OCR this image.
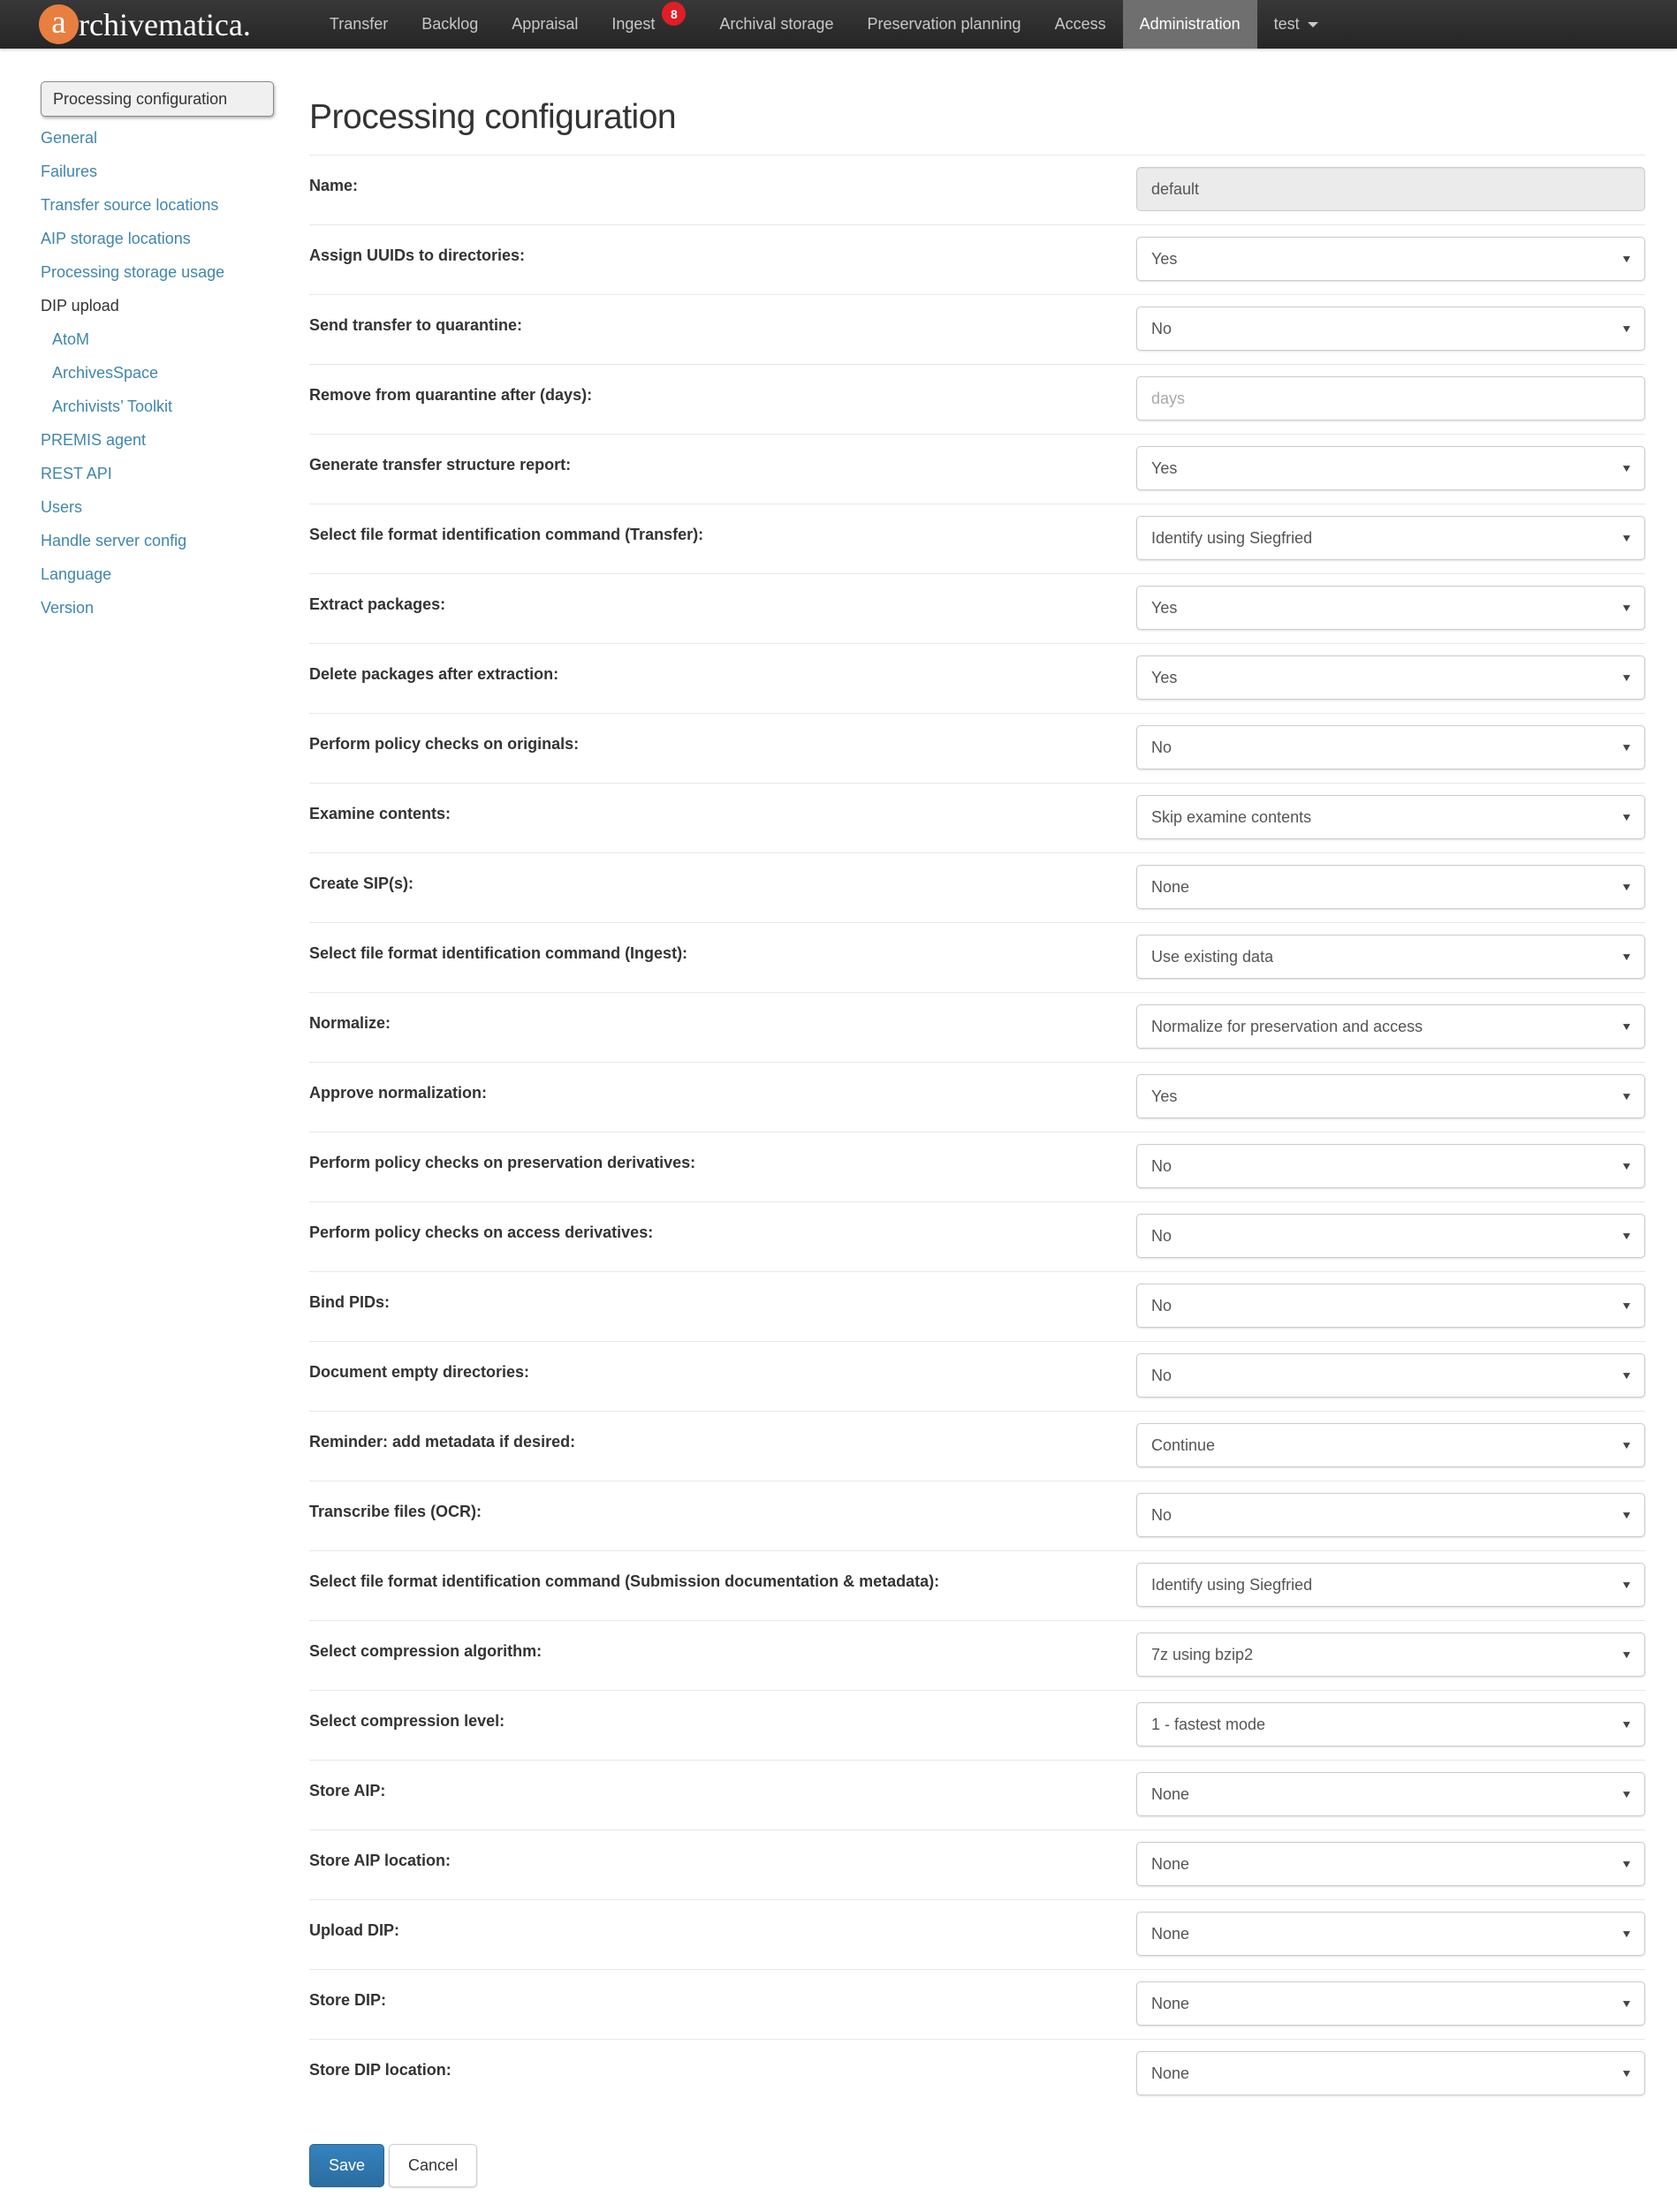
a rchivematica.	Transfer Backlog Appraisal Ingest
8
Archival storage Preservation planning Access Administration test
Processing configuration
General
Failures
Transfer source locations
AIP storage locations
Processing storage usage
DIP upload
AtoM
ArchivesSpace
Archivists’ Toolkit
PREMIS agent
REST API
Users
Handle server config
Language
Version
Processing configuration
Name:
default
Assign UUIDs to directories:
Yes	▼
Send transfer to quarantine:
No	▼
Remove from quarantine after (days):
days
Generate transfer structure report:
Yes	▼
Select file format identification command (Transfer):
Identify using Siegfried	▼
Extract packages:
Yes	▼
Delete packages after extraction:
Yes	▼
Perform policy checks on originals:
No	▼
Examine contents:
Skip examine contents	▼
Create SIP(s):
None	▼
Select file format identification command (Ingest):
Use existing data	▼
Normalize:
Normalize for preservation and access	▼
Approve normalization:
Yes	▼
Perform policy checks on preservation derivatives:
No	▼
Perform policy checks on access derivatives:
No	▼
Bind PIDs:
No	▼
Document empty directories:
No	▼
Reminder: add metadata if desired:
Continue	▼
Transcribe files (OCR):
No	▼
Select file format identification command (Submission documentation & metadata):
Identify using Siegfried	▼
Select compression algorithm:
7z using bzip2	▼
Select compression level:
1 - fastest mode	▼
Store AIP:
None	▼
Store AIP location:
None	▼
Upload DIP:
None	▼
Store DIP:
None	▼
Store DIP location:
None	▼
Save	Cancel
